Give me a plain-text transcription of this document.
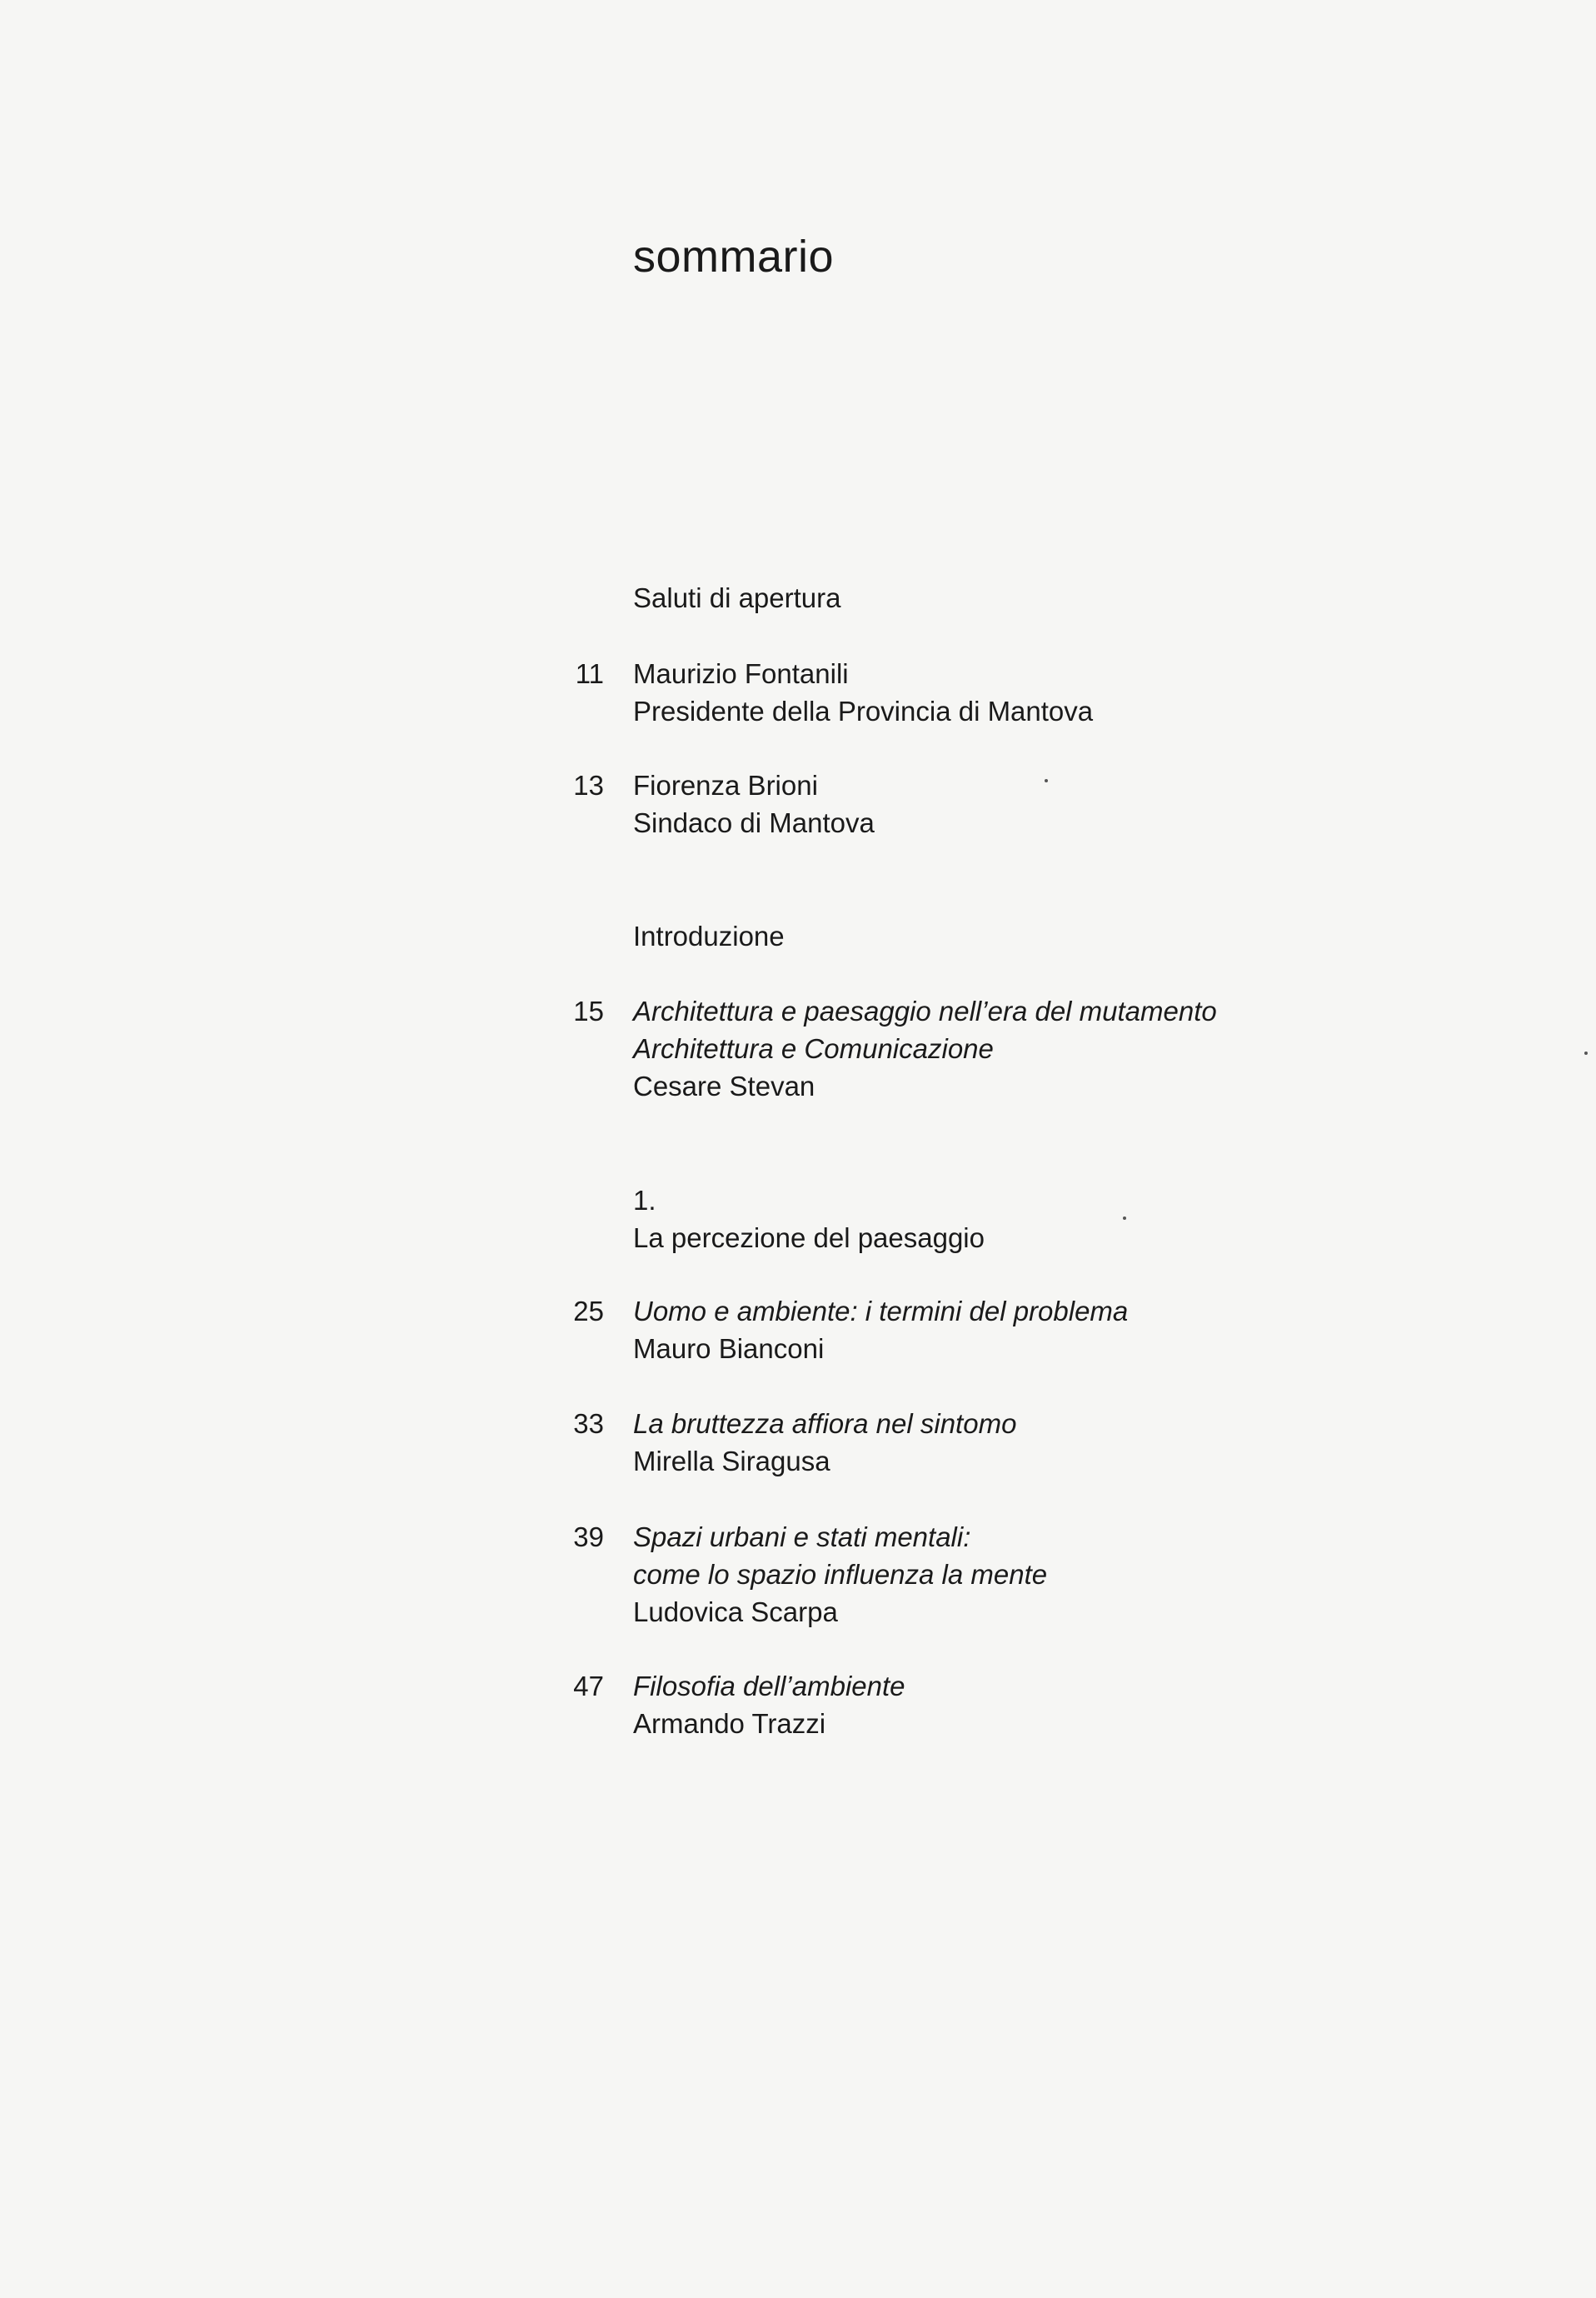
sommario
Saluti di apertura
11 Maurizio Fontanili
Presidente della Provincia di Mantova
13 Fiorenza Brioni
Sindaco di Mantova
Introduzione
15 Architettura e paesaggio nell’era del mutamento
Architettura e Comunicazione
Cesare Stevan
1.
La percezione del paesaggio
25 Uomo e ambiente: i termini del problema
Mauro Bianconi
33 La bruttezza affiora nel sintomo
Mirella Siragusa
39 Spazi urbani e stati mentali:
come lo spazio influenza la mente
Ludovica Scarpa
47 Filosofia dell’ambiente
Armando Trazzi
